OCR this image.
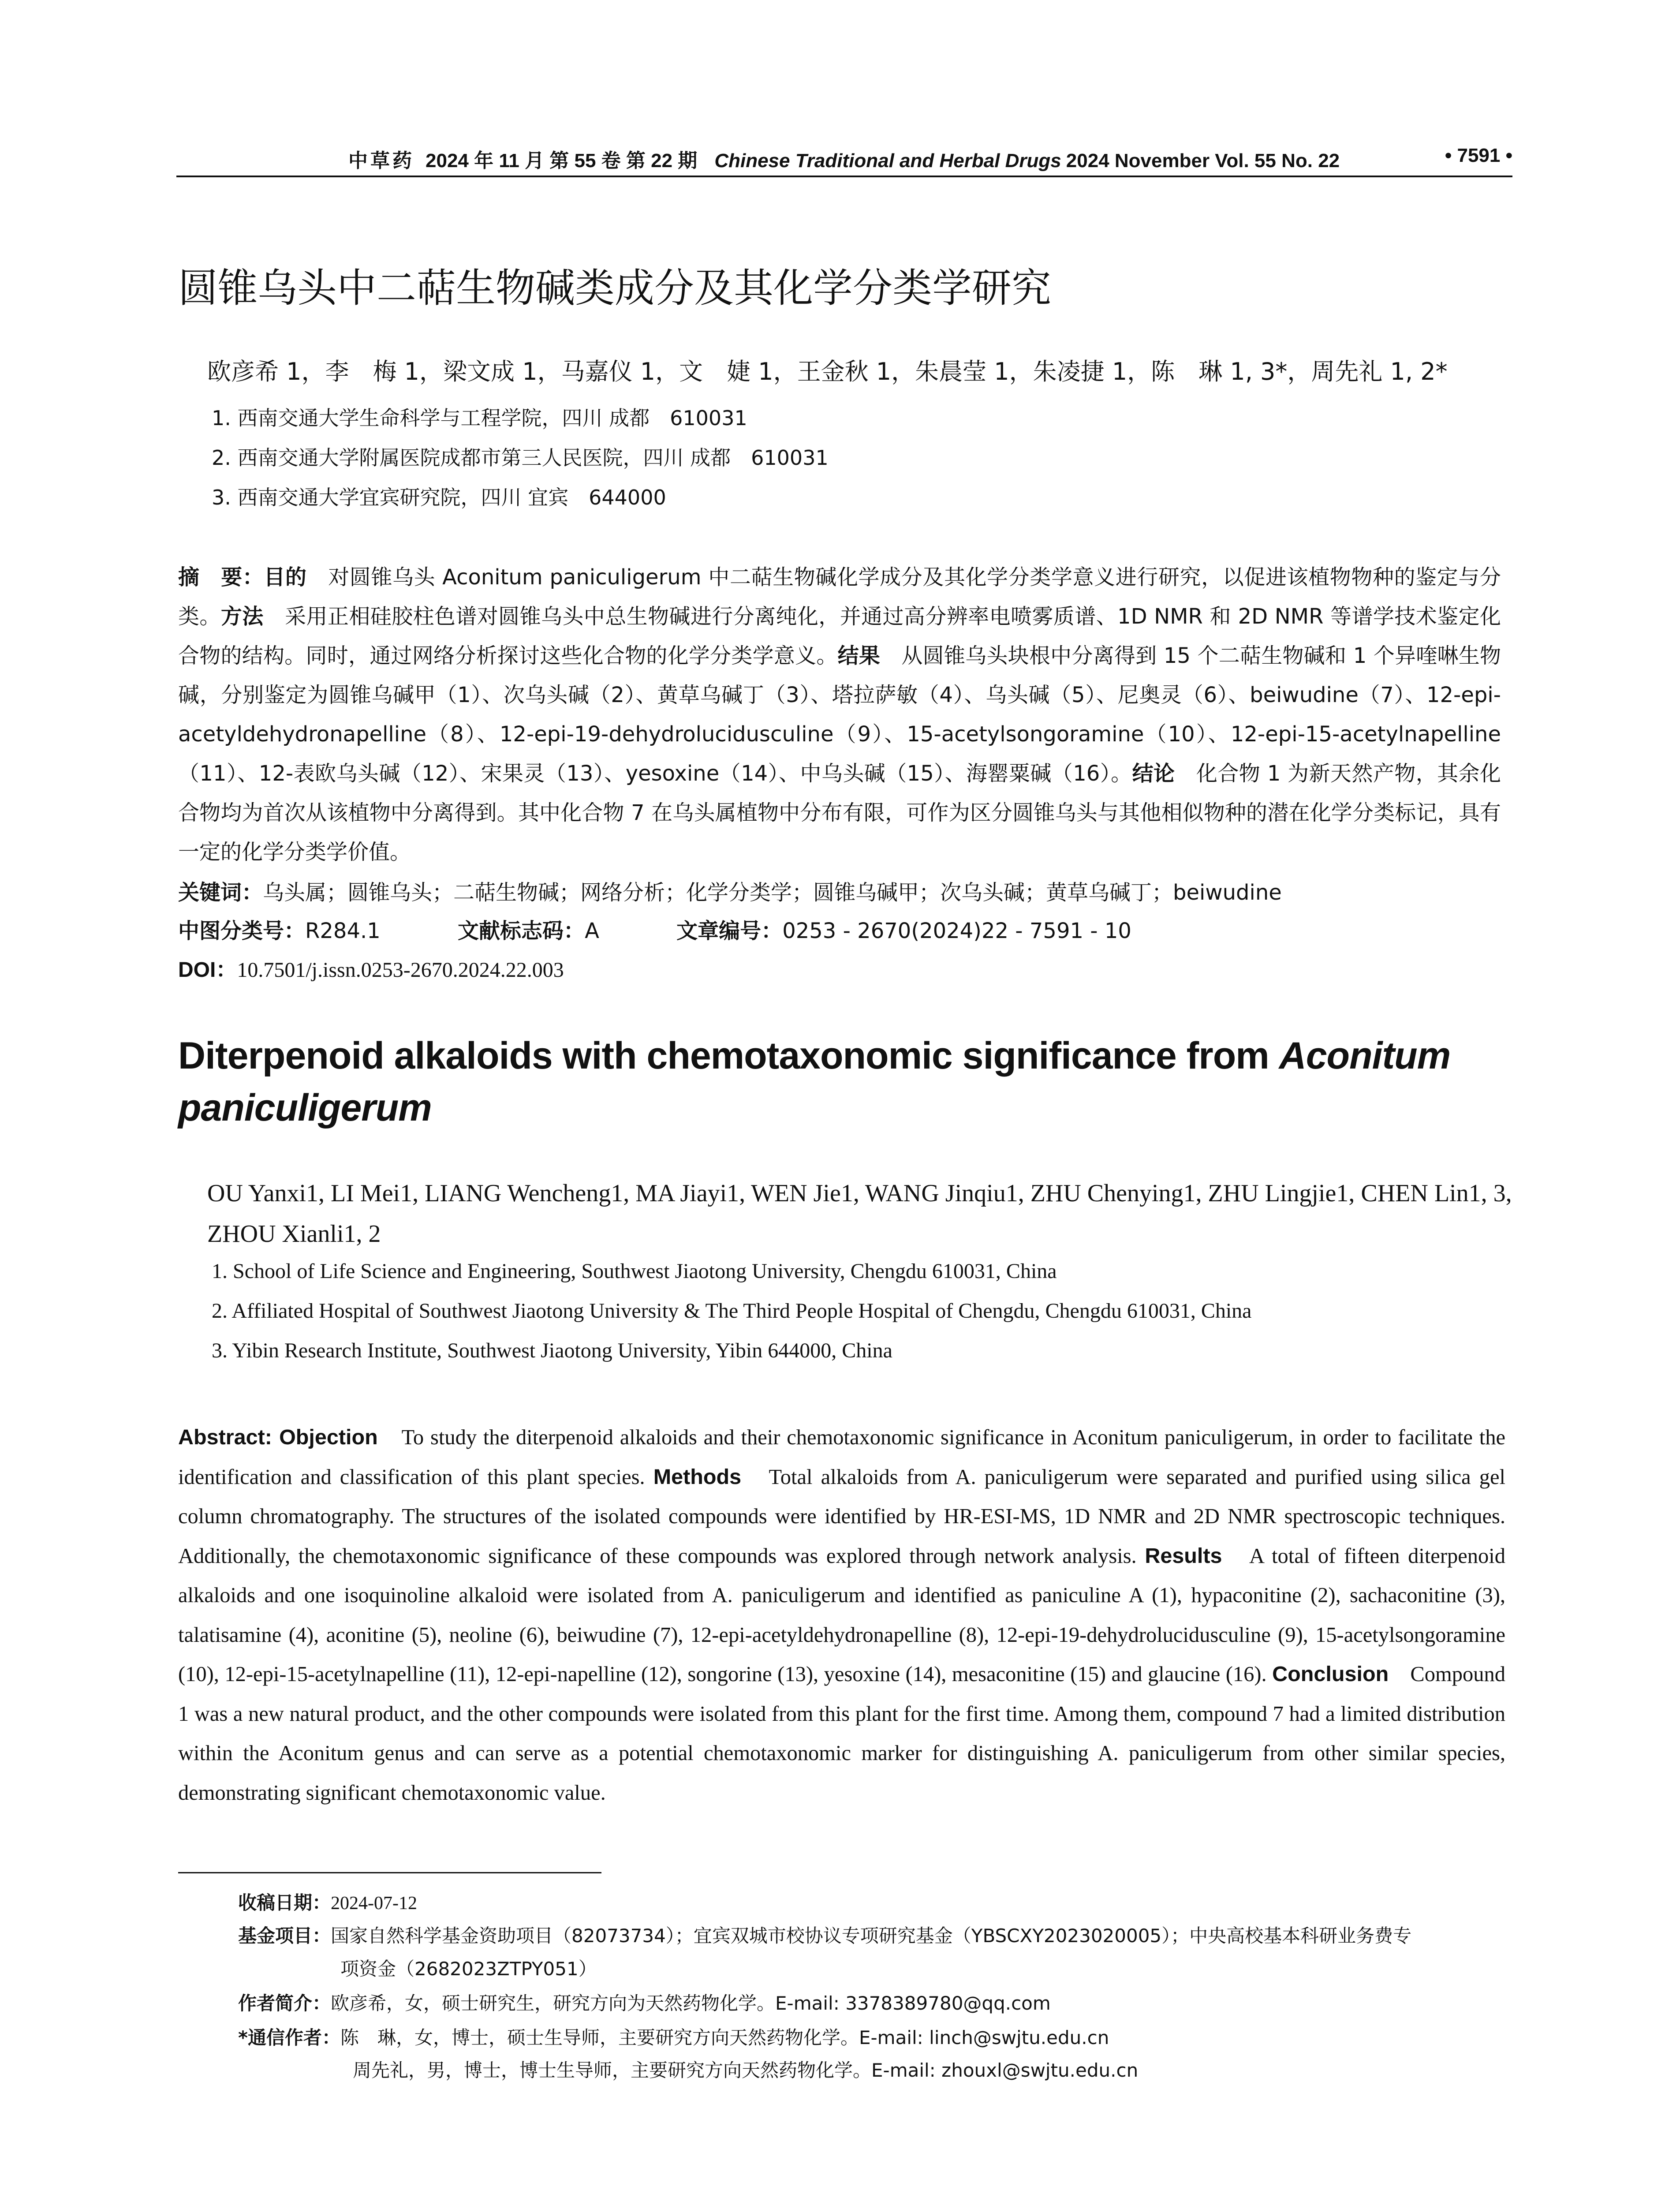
中草药 2024 年 11 月 第 55 卷 第 22 期 Chinese Traditional and Herbal Drugs 2024 November Vol. 55 No. 22	• 7591 •
圆锥乌头中二萜生物碱类成分及其化学分类学研究
欧彦希 1，李　梅 1，梁文成 1，马嘉仪 1，文　婕 1，王金秋 1，朱晨莹 1，朱凌捷 1，陈　琳 1, 3*，周先礼 1, 2*
1. 西南交通大学生命科学与工程学院，四川 成都　610031
2. 西南交通大学附属医院成都市第三人民医院，四川 成都　610031
3. 西南交通大学宜宾研究院，四川 宜宾　644000
摘　要：目的　对圆锥乌头 Aconitum paniculigerum 中二萜生物碱化学成分及其化学分类学意义进行研究，以促进该植物物种的鉴定与分类。方法　采用正相硅胶柱色谱对圆锥乌头中总生物碱进行分离纯化，并通过高分辨率电喷雾质谱、1D NMR 和 2D NMR 等谱学技术鉴定化合物的结构。同时，通过网络分析探讨这些化合物的化学分类学意义。结果　从圆锥乌头块根中分离得到 15 个二萜生物碱和 1 个异喹啉生物碱，分别鉴定为圆锥乌碱甲（1）、次乌头碱（2）、黄草乌碱丁（3）、塔拉萨敏（4）、乌头碱（5）、尼奥灵（6）、beiwudine（7）、12-epi-acetyldehydronapelline（8）、12-epi-19-dehydrolucidusculine（9）、15-acetylsongoramine（10）、12-epi-15-acetylnapelline（11）、12-表欧乌头碱（12）、宋果灵（13）、yesoxine（14）、中乌头碱（15）、海罂粟碱（16）。结论　化合物 1 为新天然产物，其余化合物均为首次从该植物中分离得到。其中化合物 7 在乌头属植物中分布有限，可作为区分圆锥乌头与其他相似物种的潜在化学分类标记，具有一定的化学分类学价值。
关键词：乌头属；圆锥乌头；二萜生物碱；网络分析；化学分类学；圆锥乌碱甲；次乌头碱；黄草乌碱丁；beiwudine
中图分类号：R284.1	文献标志码：A	文章编号：0253 - 2670(2024)22 - 7591 - 10
DOI：10.7501/j.issn.0253-2670.2024.22.003
Diterpenoid alkaloids with chemotaxonomic significance from Aconitum paniculigerum
OU Yanxi1, LI Mei1, LIANG Wencheng1, MA Jiayi1, WEN Jie1, WANG Jinqiu1, ZHU Chenying1, ZHU Lingjie1, CHEN Lin1, 3, ZHOU Xianli1, 2
1. School of Life Science and Engineering, Southwest Jiaotong University, Chengdu 610031, China
2. Affiliated Hospital of Southwest Jiaotong University & The Third People Hospital of Chengdu, Chengdu 610031, China
3. Yibin Research Institute, Southwest Jiaotong University, Yibin 644000, China
Abstract: Objection　To study the diterpenoid alkaloids and their chemotaxonomic significance in Aconitum paniculigerum, in order to facilitate the identification and classification of this plant species. Methods　Total alkaloids from A. paniculigerum were separated and purified using silica gel column chromatography. The structures of the isolated compounds were identified by HR-ESI-MS, 1D NMR and 2D NMR spectroscopic techniques. Additionally, the chemotaxonomic significance of these compounds was explored through network analysis. Results　A total of fifteen diterpenoid alkaloids and one isoquinoline alkaloid were isolated from A. paniculigerum and identified as paniculine A (1), hypaconitine (2), sachaconitine (3), talatisamine (4), aconitine (5), neoline (6), beiwudine (7), 12-epi-acetyldehydronapelline (8), 12-epi-19-dehydrolucidusculine (9), 15-acetylsongoramine (10), 12-epi-15-acetylnapelline (11), 12-epi-napelline (12), songorine (13), yesoxine (14), mesaconitine (15) and glaucine (16). Conclusion　Compound 1 was a new natural product, and the other compounds were isolated from this plant for the first time. Among them, compound 7 had a limited distribution within the Aconitum genus and can serve as a potential chemotaxonomic marker for distinguishing A. paniculigerum from other similar species, demonstrating significant chemotaxonomic value.
收稿日期：2024-07-12
基金项目：国家自然科学基金资助项目（82073734）；宜宾双城市校协议专项研究基金（YBSCXY2023020005）；中央高校基本科研业务费专
项资金（2682023ZTPY051）
作者简介：欧彦希，女，硕士研究生，研究方向为天然药物化学。E-mail: 3378389780@qq.com
*通信作者：陈　琳，女，博士，硕士生导师，主要研究方向天然药物化学。E-mail: linch@swjtu.edu.cn
周先礼，男，博士，博士生导师，主要研究方向天然药物化学。E-mail: zhouxl@swjtu.edu.cn
